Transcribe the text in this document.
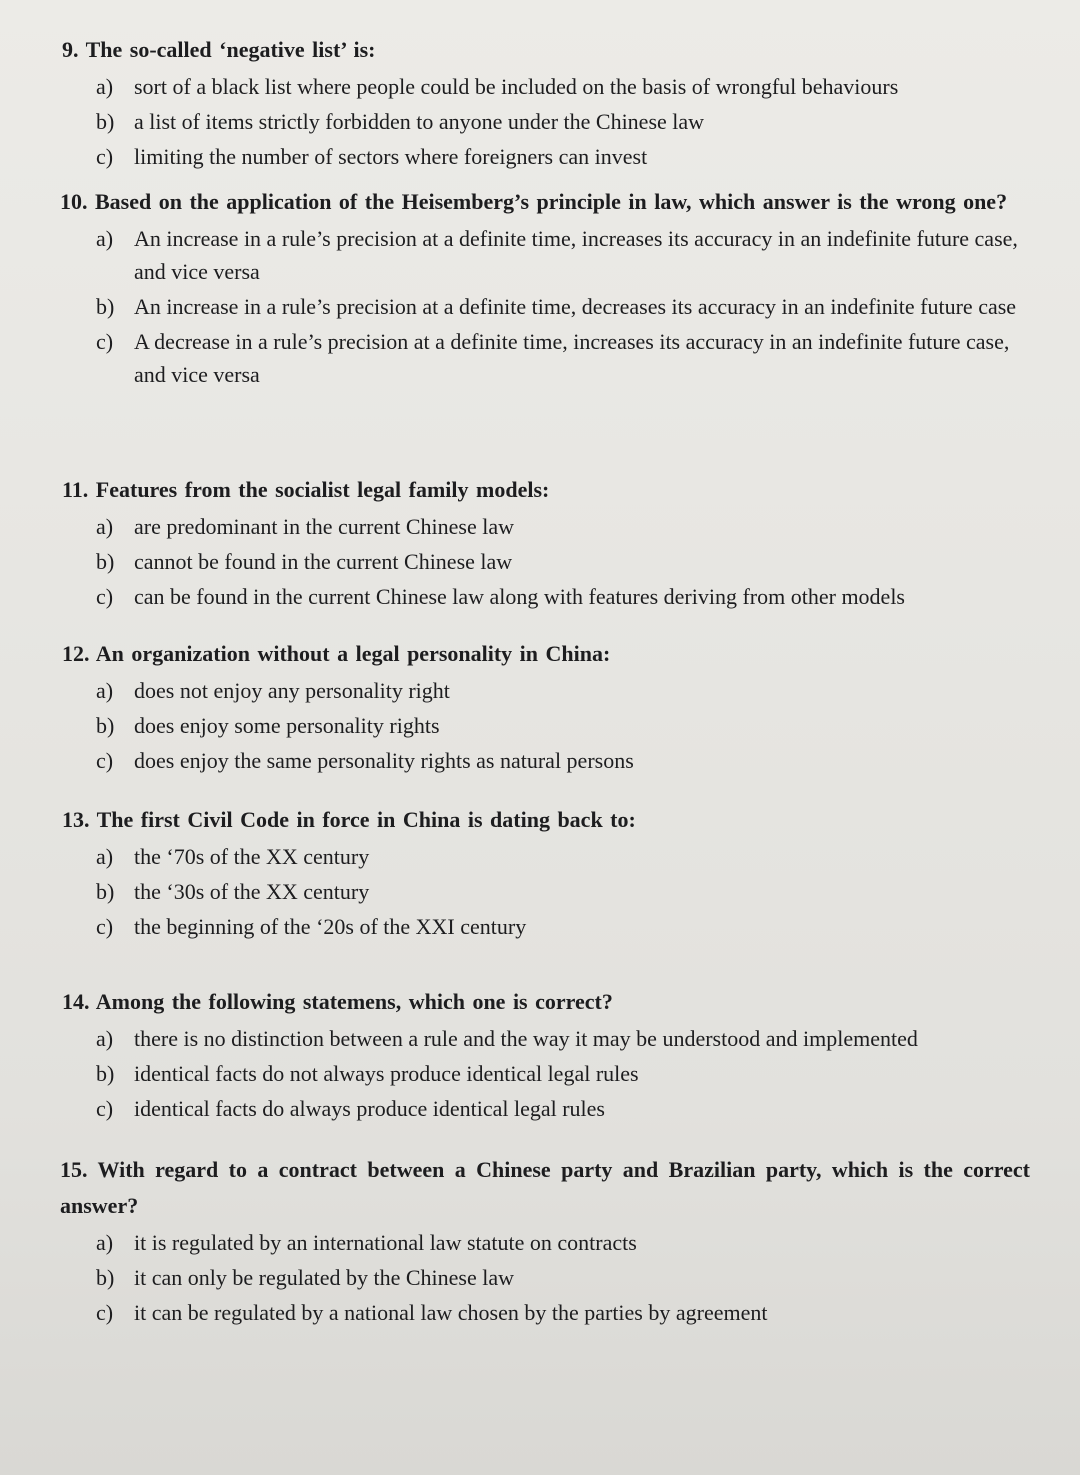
9. The so-called ‘negative list’ is:

a) sort of a black list where people could be included on the basis of wrongful behaviours
b) a list of items strictly forbidden to anyone under the Chinese law
c) limiting the number of sectors where foreigners can invest

10. Based on the application of the Heisemberg’s principle in law, which answer is the wrong one?

a) An increase in a rule’s precision at a definite time, increases its accuracy in an indefinite future case, and vice versa
b) An increase in a rule’s precision at a definite time, decreases its accuracy in an indefinite future case
c) A decrease in a rule’s precision at a definite time, increases its accuracy in an indefinite future case, and vice versa

11. Features from the socialist legal family models:

a) are predominant in the current Chinese law
b) cannot be found in the current Chinese law
c) can be found in the current Chinese law along with features deriving from other models

12. An organization without a legal personality in China:

a) does not enjoy any personality right
b) does enjoy some personality rights
c) does enjoy the same personality rights as natural persons

13. The first Civil Code in force in China is dating back to:

a) the ‘70s of the XX century
b) the ‘30s of the XX century
c) the beginning of the ‘20s of the XXI century

14. Among the following statemens, which one is correct?

a) there is no distinction between a rule and the way it may be understood and implemented
b) identical facts do not always produce identical legal rules
c) identical facts do always produce identical legal rules

15. With regard to a contract between a Chinese party and Brazilian party, which is the correct answer?

a) it is regulated by an international law statute on contracts
b) it can only be regulated by the Chinese law
c) it can be regulated by a national law chosen by the parties by agreement
